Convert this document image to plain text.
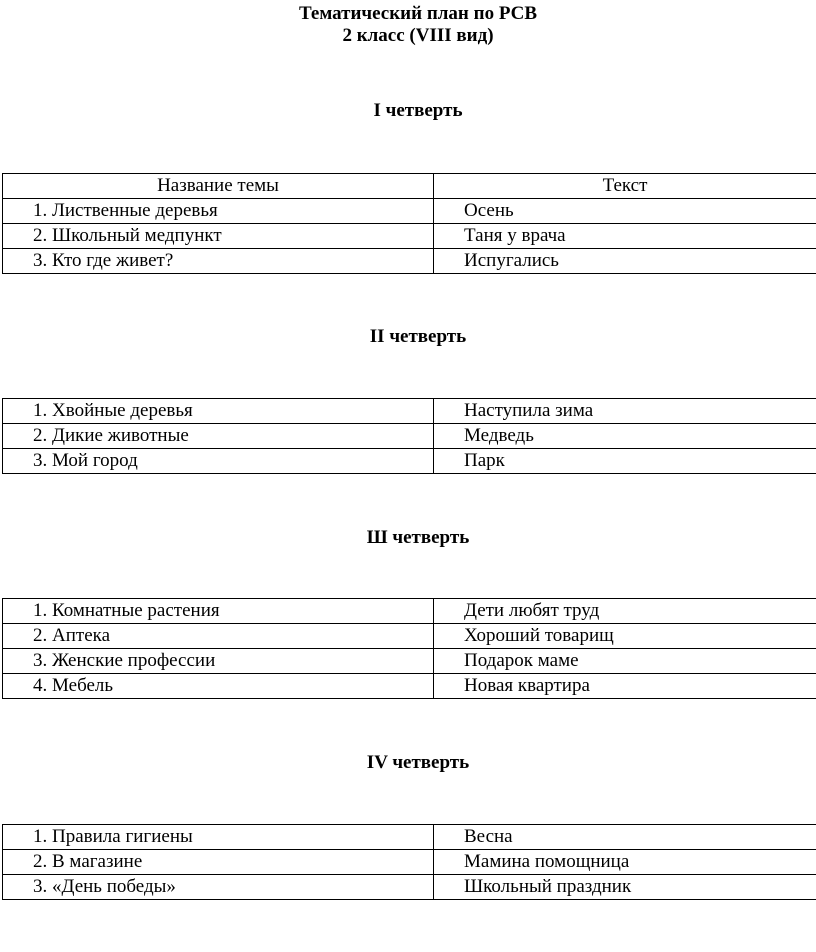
Тематический план по РСВ
2 класс (VIII вид)
I четверть
Название темы	Текст
1. Лиственные деревья	Осень
2. Школьный медпункт	Таня у врача
3. Кто где живет?	Испугались
II четверть
1. Хвойные деревья	Наступила зима
2. Дикие животные	Медведь
3. Мой город	Парк
Ш четверть
1. Комнатные растения	Дети любят труд
2. Аптека	Хороший товарищ
3. Женские профессии	Подарок маме
4. Мебель	Новая квартира
IV четверть
1. Правила гигиены	Весна
2. В магазине	Мамина помощница
3. «День победы»	Школьный праздник
